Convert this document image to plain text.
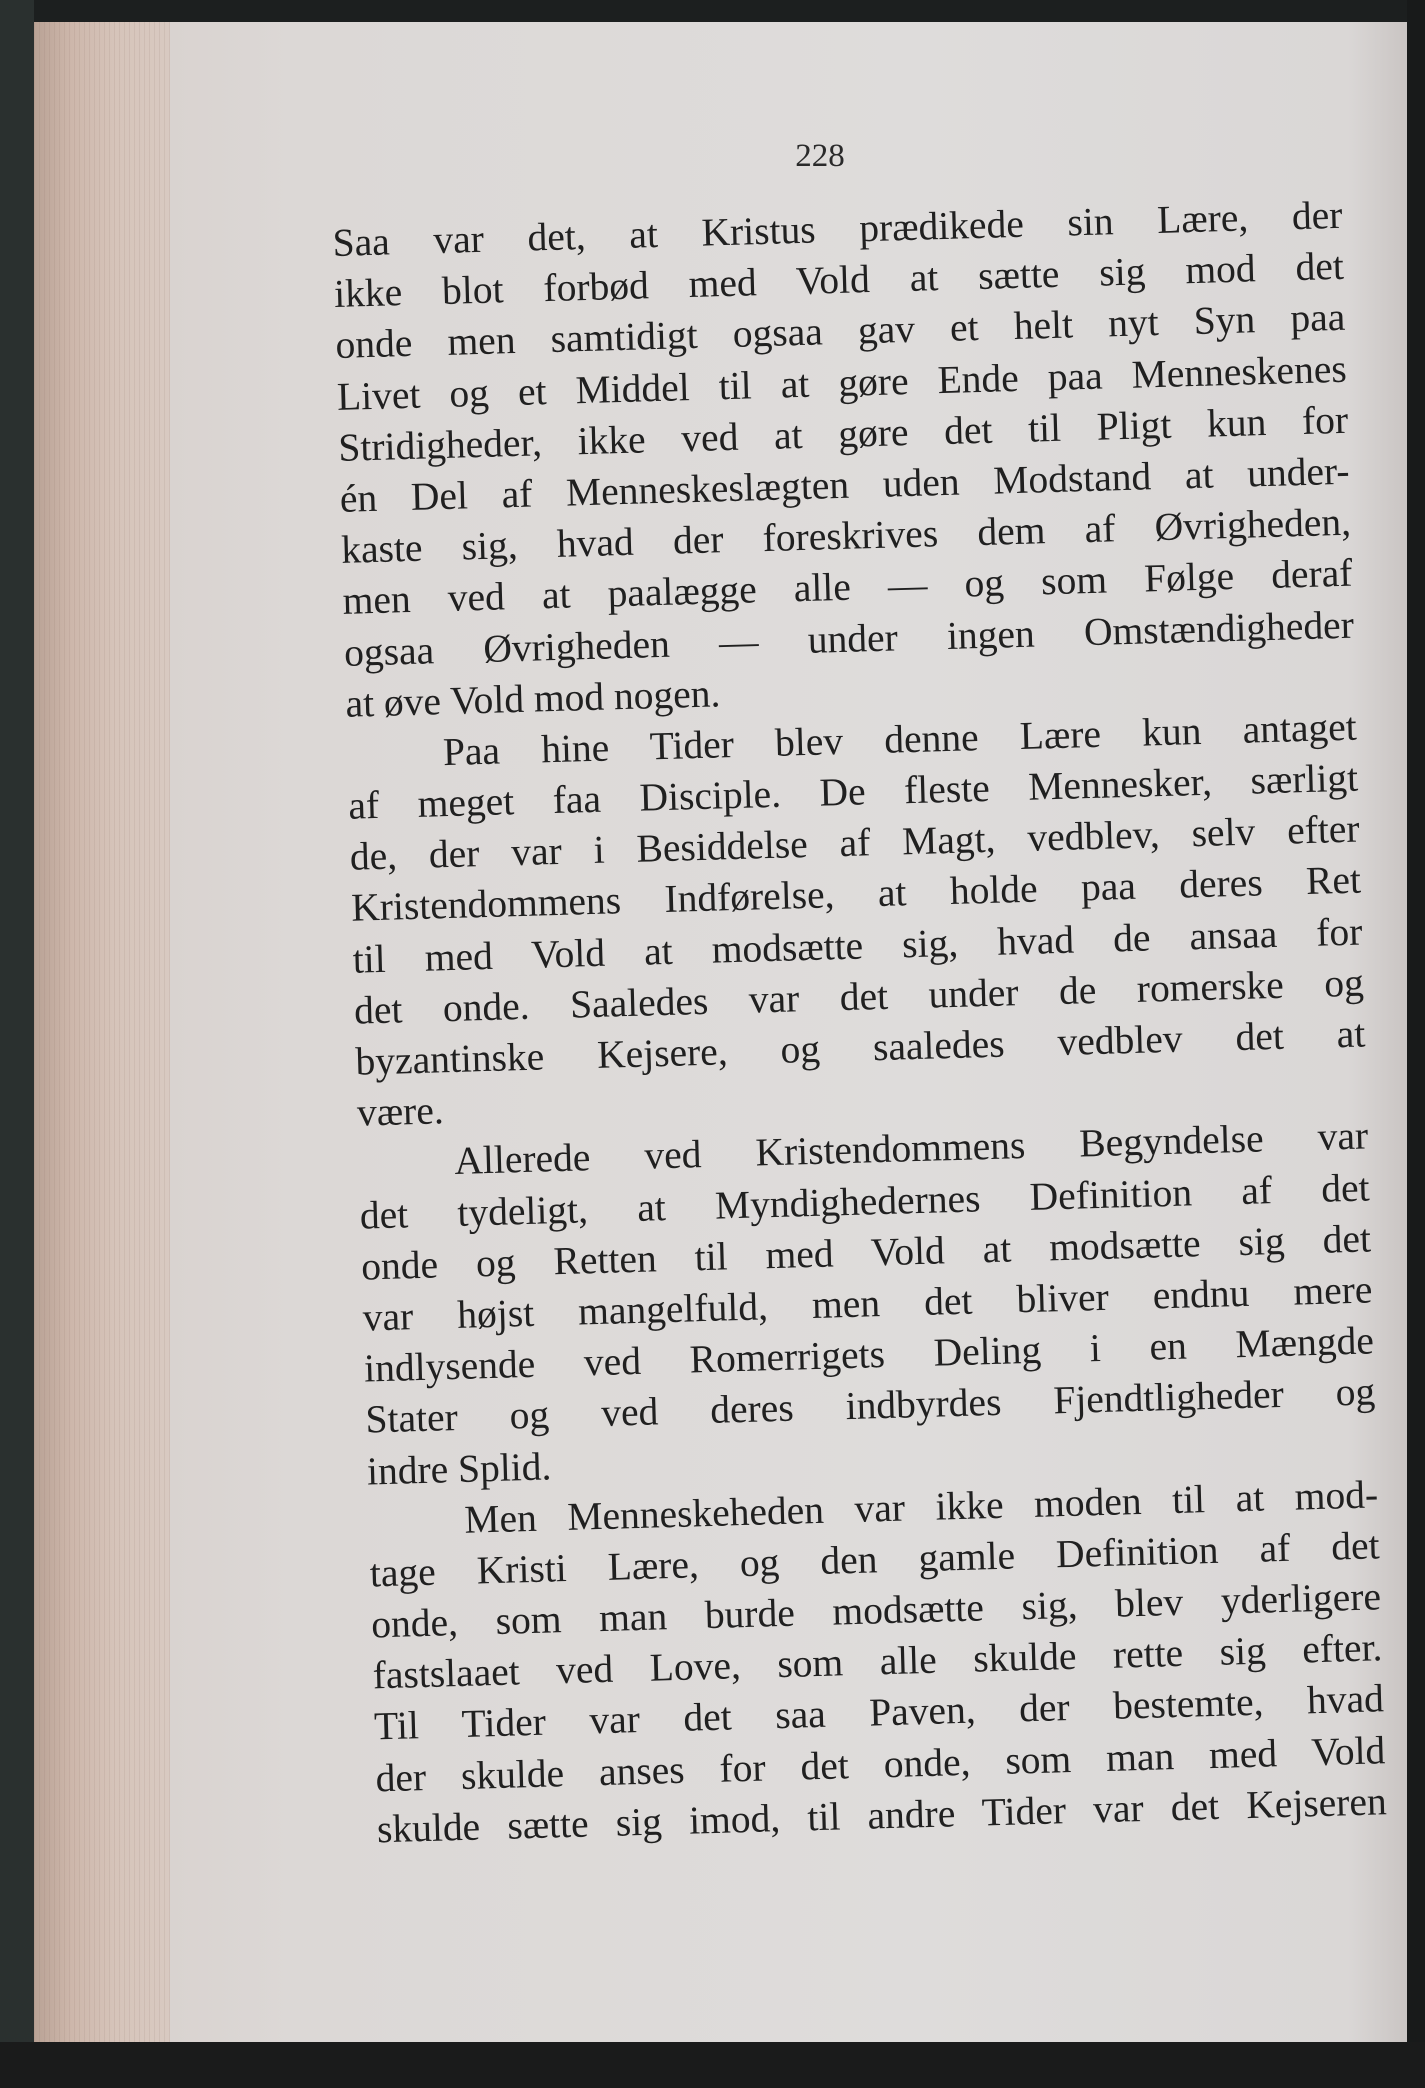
228
Saa var det, at Kristus prædikede sin Lære, der
ikke blot forbød med Vold at sætte sig mod det
onde men samtidigt ogsaa gav et helt nyt Syn paa
Livet og et Middel til at gøre Ende paa Menneskenes
Stridigheder, ikke ved at gøre det til Pligt kun for
én Del af Menneskeslægten uden Modstand at under-
kaste sig, hvad der foreskrives dem af Øvrigheden,
men ved at paalægge alle — og som Følge deraf
ogsaa Øvrigheden — under ingen Omstændigheder
at øve Vold mod nogen.
Paa hine Tider blev denne Lære kun antaget
af meget faa Disciple. De fleste Mennesker, særligt
de, der var i Besiddelse af Magt, vedblev, selv efter
Kristendommens Indførelse, at holde paa deres Ret
til med Vold at modsætte sig, hvad de ansaa for
det onde. Saaledes var det under de romerske og
byzantinske Kejsere, og saaledes vedblev det at
være.
Allerede ved Kristendommens Begyndelse var
det tydeligt, at Myndighedernes Definition af det
onde og Retten til med Vold at modsætte sig det
var højst mangelfuld, men det bliver endnu mere
indlysende ved Romerrigets Deling i en Mængde
Stater og ved deres indbyrdes Fjendtligheder og
indre Splid.
Men Menneskeheden var ikke moden til at mod-
tage Kristi Lære, og den gamle Definition af det
onde, som man burde modsætte sig, blev yderligere
fastslaaet ved Love, som alle skulde rette sig efter.
Til Tider var det saa Paven, der bestemte, hvad
der skulde anses for det onde, som man med Vold
skulde sætte sig imod, til andre Tider var det Kejseren
